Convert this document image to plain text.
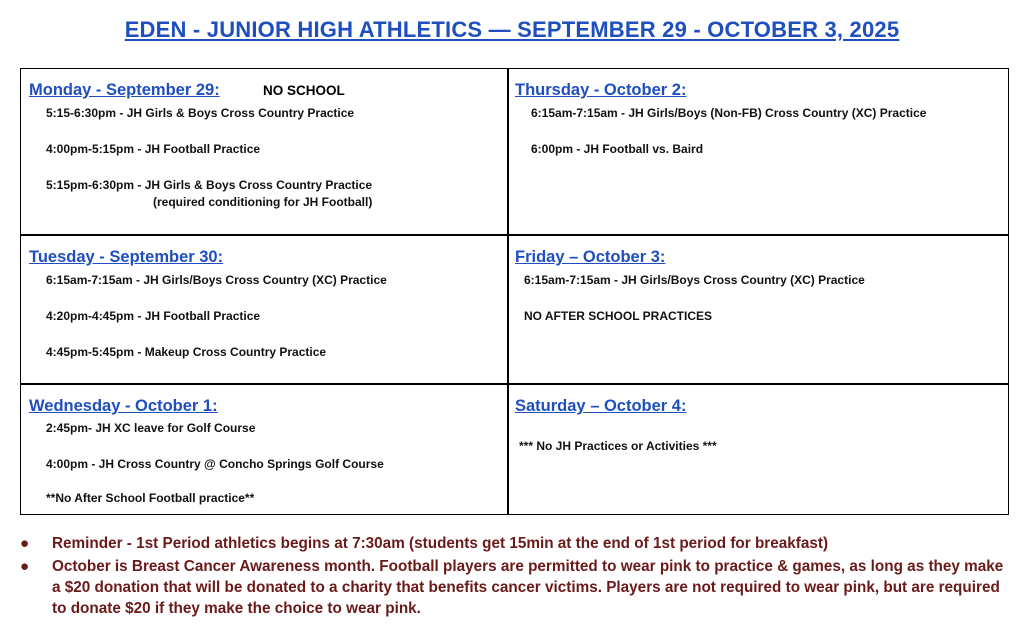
EDEN - JUNIOR HIGH ATHLETICS — SEPTEMBER 29 - OCTOBER 3, 2025
Monday - September 29:	NO SCHOOL
5:15-6:30pm - JH Girls & Boys Cross Country Practice
4:00pm-5:15pm - JH Football Practice
5:15pm-6:30pm - JH Girls & Boys Cross Country Practice
(required conditioning for JH Football)
Thursday - October 2:
6:15am-7:15am - JH Girls/Boys (Non-FB) Cross Country (XC) Practice
6:00pm - JH Football vs. Baird
Tuesday - September 30:
6:15am-7:15am - JH Girls/Boys Cross Country (XC) Practice
4:20pm-4:45pm - JH Football Practice
4:45pm-5:45pm - Makeup Cross Country Practice
Friday – October 3:
6:15am-7:15am - JH Girls/Boys Cross Country (XC) Practice
NO AFTER SCHOOL PRACTICES
Wednesday - October 1:
2:45pm- JH XC leave for Golf Course
4:00pm - JH Cross Country @ Concho Springs Golf Course
**No After School Football practice**
Saturday – October 4:
*** No JH Practices or Activities ***
● Reminder - 1st Period athletics begins at 7:30am (students get 15min at the end of 1st period for breakfast)
● October is Breast Cancer Awareness month. Football players are permitted to wear pink to practice & games, as long as they make a $20 donation that will be donated to a charity that benefits cancer victims. Players are not required to wear pink, but are required to donate $20 if they make the choice to wear pink.
